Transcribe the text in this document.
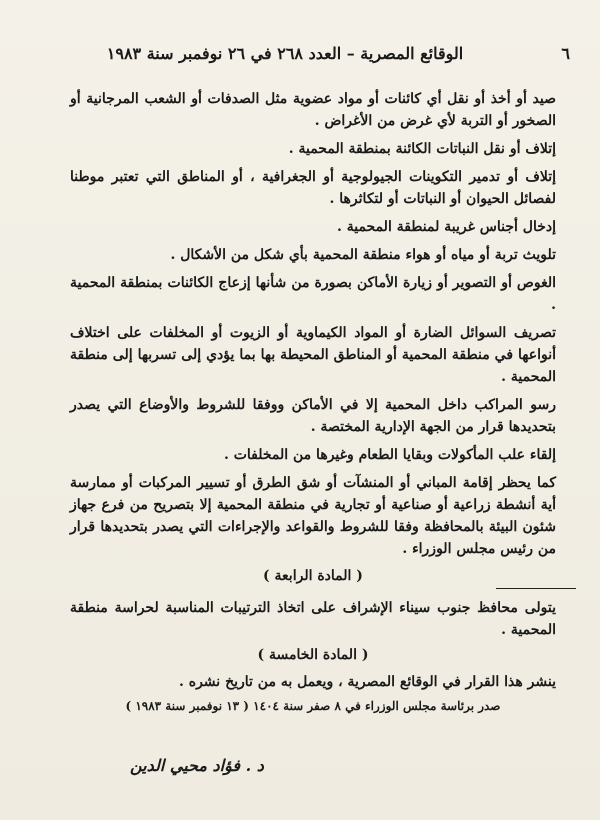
٦
الوقائع المصرية – العدد ٢٦٨ في ٢٦ نوفمبر سنة ١٩٨٣

صيد أو أخذ أو نقل أي كائنات أو مواد عضوية مثل الصدفات أو الشعب المرجانية أو الصخور أو التربة لأي غرض من الأغراض .

إتلاف أو نقل النباتات الكائنة بمنطقة المحمية .

إتلاف أو تدمير التكوينات الجيولوجية أو الجغرافية ، أو المناطق التي تعتبر موطنا لفصائل الحيوان أو النباتات أو لتكاثرها .

إدخال أجناس غريبة لمنطقة المحمية .

تلويث تربة أو مياه أو هواء منطقة المحمية بأي شكل من الأشكال .

الغوص أو التصوير أو زيارة الأماكن بصورة من شأنها إزعاج الكائنات بمنطقة المحمية .

تصريف السوائل الضارة أو المواد الكيماوية أو الزيوت أو المخلفات على اختلاف أنواعها في منطقة المحمية أو المناطق المحيطة بها بما يؤدي إلى تسربها إلى منطقة المحمية .

رسو المراكب داخل المحمية إلا في الأماكن ووفقا للشروط والأوضاع التي يصدر بتحديدها قرار من الجهة الإدارية المختصة .

إلقاء علب المأكولات وبقايا الطعام وغيرها من المخلفات .

كما يحظر إقامة المباني أو المنشآت أو شق الطرق أو تسيير المركبات أو ممارسة أية أنشطة زراعية أو صناعية أو تجارية في منطقة المحمية إلا بتصريح من فرع جهاز شئون البيئة بالمحافظة وفقا للشروط والقواعد والإجراءات التي يصدر بتحديدها قرار من رئيس مجلس الوزراء .

( المادة الرابعة )

يتولى محافظ جنوب سيناء الإشراف على اتخاذ الترتيبات المناسبة لحراسة منطقة المحمية .

( المادة الخامسة )

ينشر هذا القرار في الوقائع المصرية ، ويعمل به من تاريخ نشره .

صدر برئاسة مجلس الوزراء في ٨ صفر سنة ١٤٠٤ ( ١٣ نوفمبر سنة ١٩٨٣ )

د . فؤاد محيي الدين
